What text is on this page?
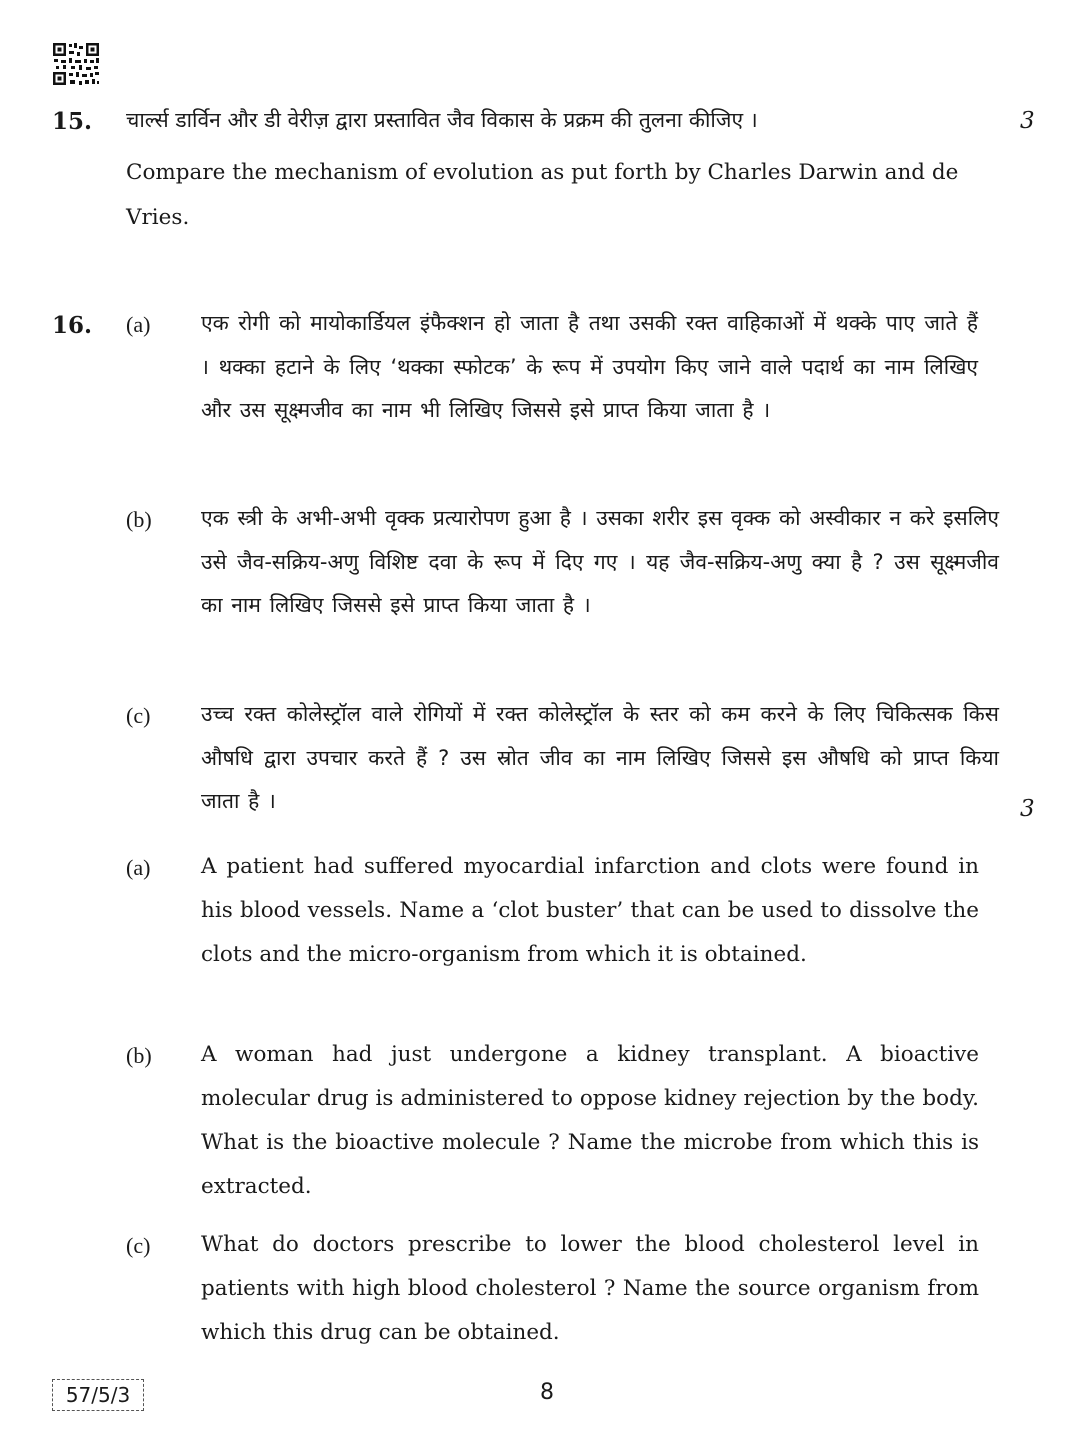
15. चार्ल्स डार्विन और डी वेरीज़ द्वारा प्रस्तावित जैव विकास के प्रक्रम की तुलना कीजिए ।	3

Compare the mechanism of evolution as put forth by Charles Darwin and de Vries.

16. (a) एक रोगी को मायोकार्डियल इंफैक्शन हो जाता है तथा उसकी रक्त वाहिकाओं में थक्के पाए जाते हैं । थक्का हटाने के लिए ‘थक्का स्फोटक’ के रूप में उपयोग किए जाने वाले पदार्थ का नाम लिखिए और उस सूक्ष्मजीव का नाम भी लिखिए जिससे इसे प्राप्त किया जाता है ।

(b) एक स्त्री के अभी-अभी वृक्क प्रत्यारोपण हुआ है । उसका शरीर इस वृक्क को अस्वीकार न करे इसलिए उसे जैव-सक्रिय-अणु विशिष्ट दवा के रूप में दिए गए । यह जैव-सक्रिय-अणु क्या है ? उस सूक्ष्मजीव का नाम लिखिए जिससे इसे प्राप्त किया जाता है ।

(c) उच्च रक्त कोलेस्ट्रॉल वाले रोगियों में रक्त कोलेस्ट्रॉल के स्तर को कम करने के लिए चिकित्सक किस औषधि द्वारा उपचार करते हैं ? उस स्रोत जीव का नाम लिखिए जिससे इस औषधि को प्राप्त किया जाता है ।	3
(a) A patient had suffered myocardial infarction and clots were found in his blood vessels. Name a ‘clot buster’ that can be used to dissolve the clots and the micro-organism from which it is obtained.

(b) A woman had just undergone a kidney transplant. A bioactive molecular drug is administered to oppose kidney rejection by the body. What is the bioactive molecule ? Name the microbe from which this is extracted.

(c) What do doctors prescribe to lower the blood cholesterol level in patients with high blood cholesterol ? Name the source organism from which this drug can be obtained.

57/5/3	8
